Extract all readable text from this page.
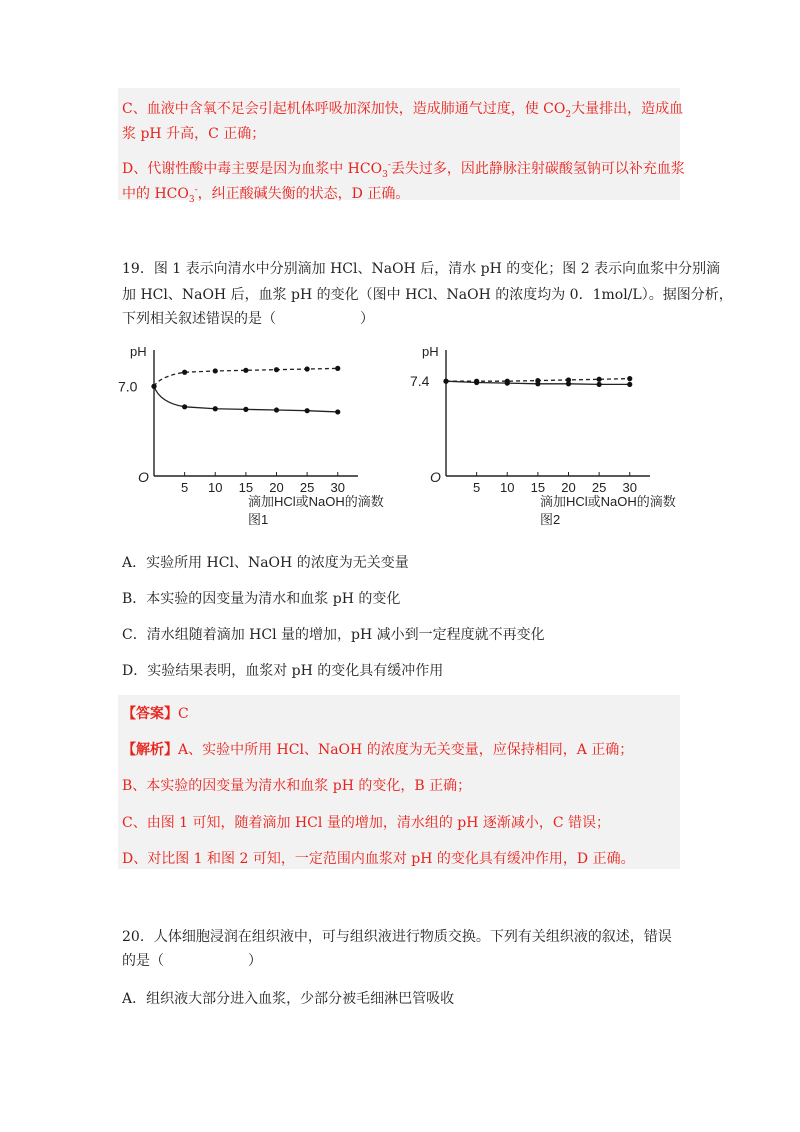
C、血液中含氧不足会引起机体呼吸加深加快，造成肺通气过度，使 $CO_2$大量排出，造成血
浆 pH 升高，C 正确；
D、代谢性酸中毒主要是因为血浆中 $HCO_3^-$丢失过多，因此静脉注射碳酸氢钠可以补充血浆
中的 $HCO_3^-$，纠正酸碱失衡的状态，D 正确。
19．图 1 表示向清水中分别滴加 HCl、NaOH 后，清水 pH 的变化；图 2 表示向血浆中分别滴
加 HCl、NaOH 后，血浆 pH 的变化（图中 HCl、NaOH 的浓度均为 0．1mol/L）。据图分析，
下列相关叙述错误的是（　　　　　　）
pH
O
7.0
5 10 15 20 25 30
滴加HCl或NaOH的滴数
图1
pH
O
7.4
5 10 15 20 25 30
滴加HCl或NaOH的滴数
图2
A．实验所用 HCl、NaOH 的浓度为无关变量
B．本实验的因变量为清水和血浆 pH 的变化
C．清水组随着滴加 HCl 量的增加，pH 减小到一定程度就不再变化
D．实验结果表明，血浆对 pH 的变化具有缓冲作用
【答案】C
【解析】A、实验中所用 HCl、NaOH 的浓度为无关变量，应保持相同，A 正确；
B、本实验的因变量为清水和血浆 pH 的变化，B 正确；
C、由图 1 可知，随着滴加 HCl 量的增加，清水组的 pH 逐渐减小，C 错误；
D、对比图 1 和图 2 可知，一定范围内血浆对 pH 的变化具有缓冲作用，D 正确。
20．人体细胞浸润在组织液中，可与组织液进行物质交换。下列有关组织液的叙述，错误
的是（　　　　　　）
A．组织液大部分进入血浆，少部分被毛细淋巴管吸收
